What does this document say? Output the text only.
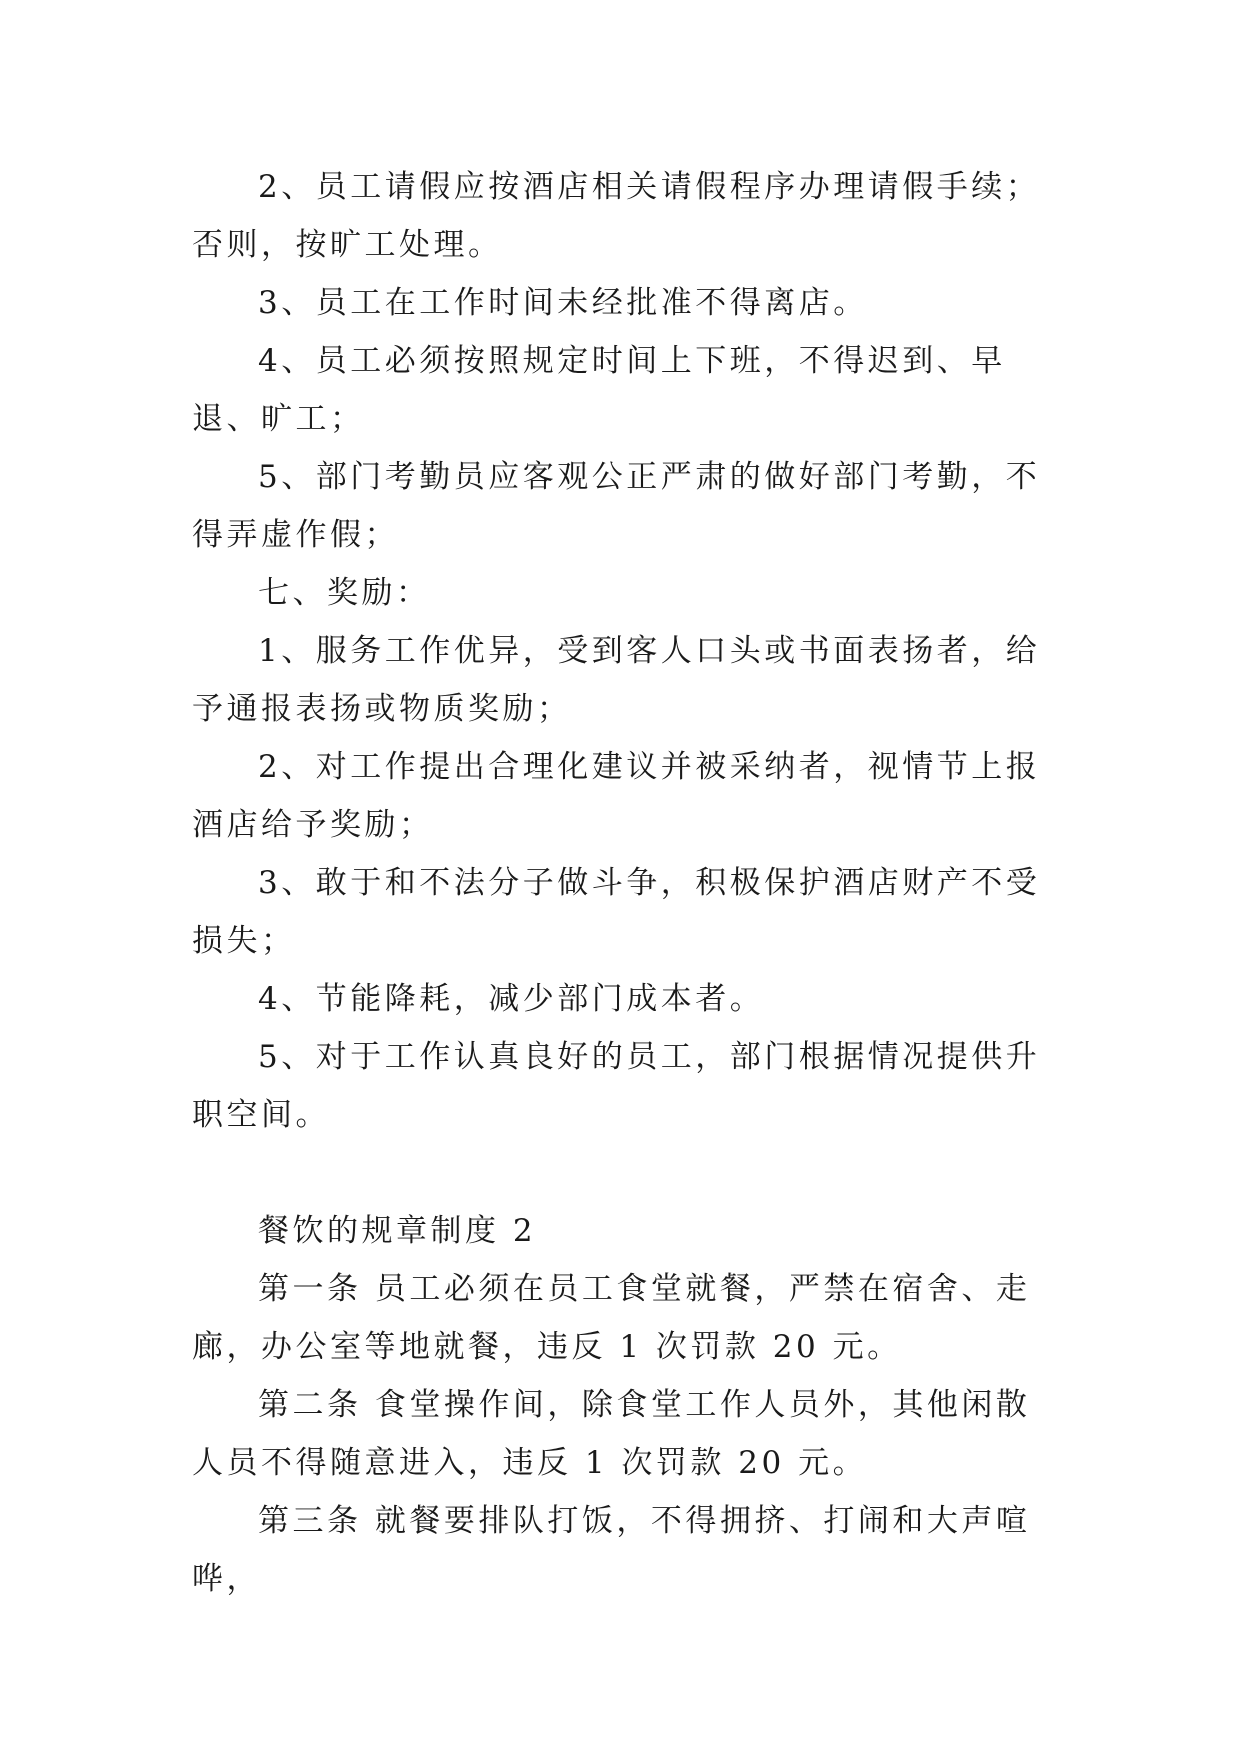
2、员工请假应按酒店相关请假程序办理请假手续；否则，按旷工处理。

3、员工在工作时间未经批准不得离店。

4、员工必须按照规定时间上下班，不得迟到、早退、旷工；

5、部门考勤员应客观公正严肃的做好部门考勤，不得弄虚作假；

七、奖励：

1、服务工作优异，受到客人口头或书面表扬者，给予通报表扬或物质奖励；

2、对工作提出合理化建议并被采纳者，视情节上报酒店给予奖励；

3、敢于和不法分子做斗争，积极保护酒店财产不受损失；

4、节能降耗，减少部门成本者。

5、对于工作认真良好的员工，部门根据情况提供升职空间。

餐饮的规章制度 2

第一条 员工必须在员工食堂就餐，严禁在宿舍、走廊，办公室等地就餐，违反 1 次罚款 20 元。

第二条 食堂操作间，除食堂工作人员外，其他闲散人员不得随意进入，违反 1 次罚款 20 元。

第三条 就餐要排队打饭，不得拥挤、打闹和大声喧哗，
